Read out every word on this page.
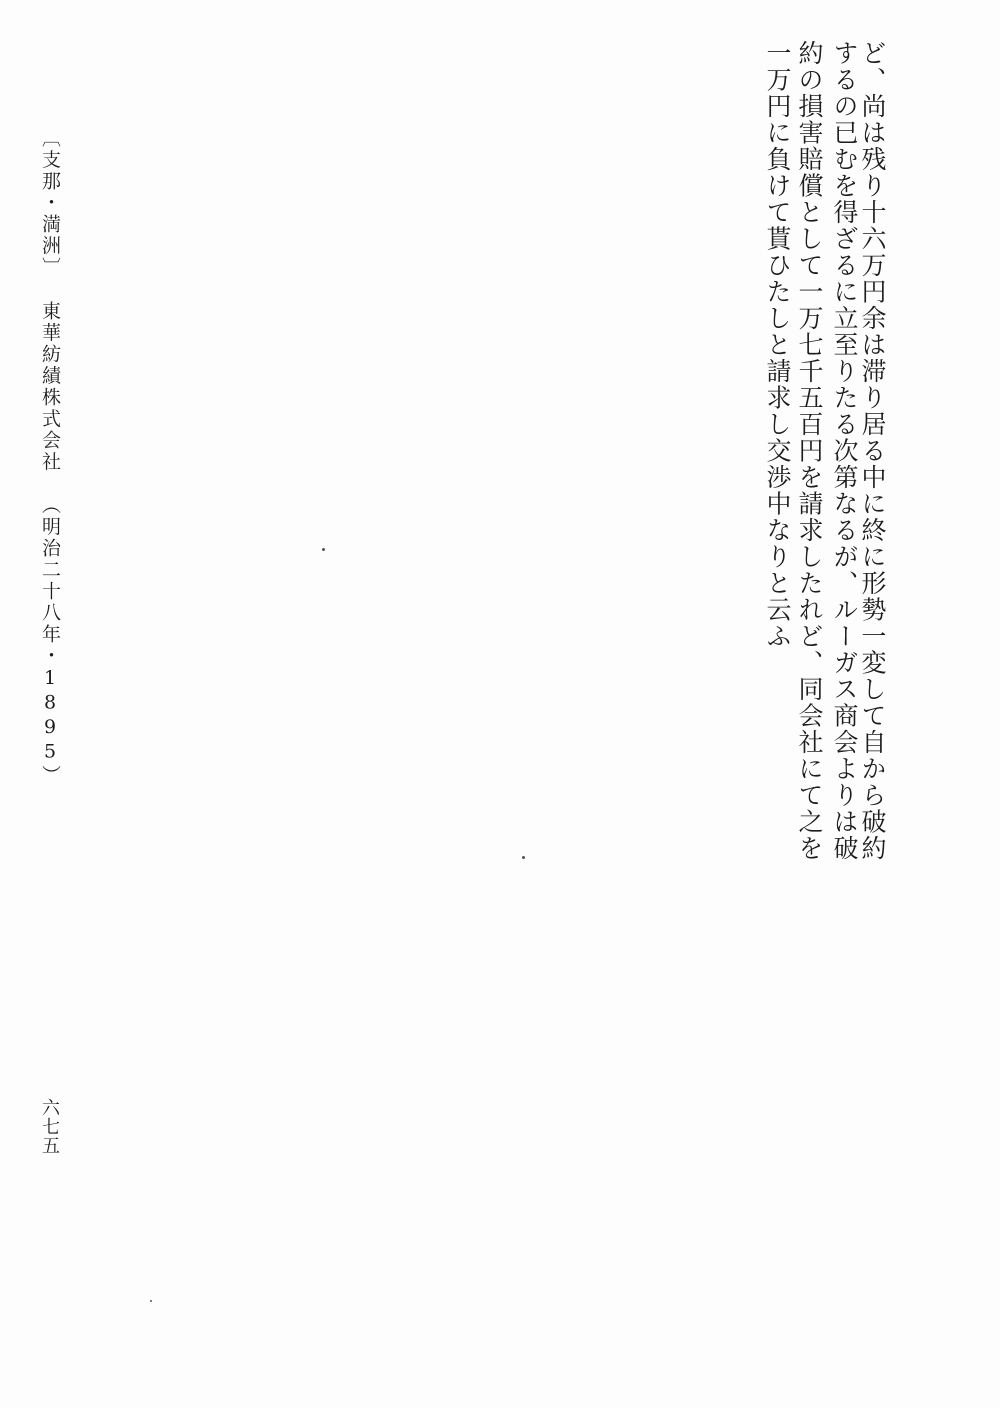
ど、尚は残り十六万円余は滞り居る中に終に形勢一変して自から破約
するの已むを得ざるに立至りたる次第なるが、ルーガス商会よりは破
約の損害賠償として一万七千五百円を請求したれど、同会社にて之を
一万円に負けて貰ひたしと請求し交渉中なりと云ふ
〔支那・満洲〕
東華紡績株式会社
（明治二十八年・1895）
六七五
